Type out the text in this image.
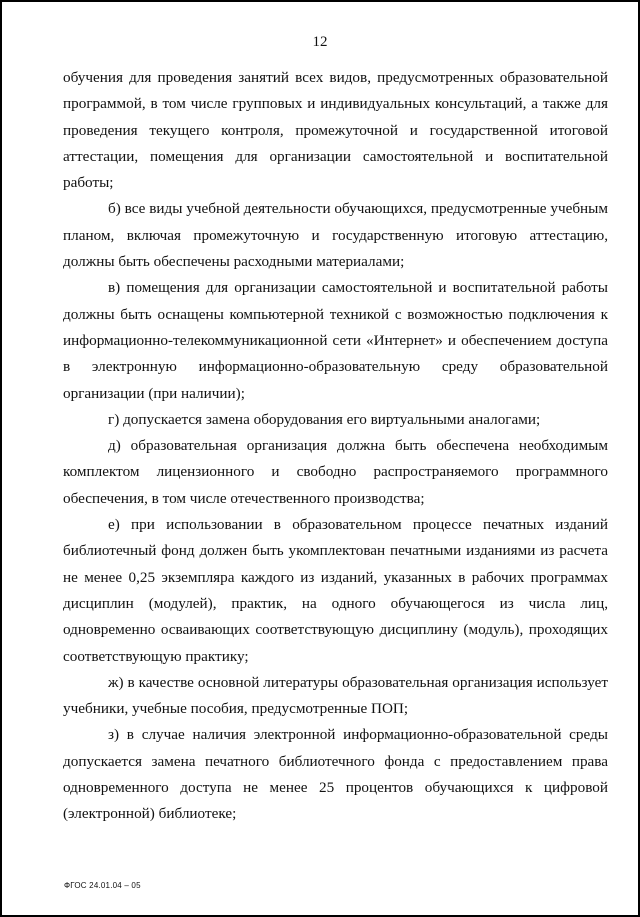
12

обучения для проведения занятий всех видов, предусмотренных образовательной программой, в том числе групповых и индивидуальных консультаций, а также для проведения текущего контроля, промежуточной и государственной итоговой аттестации, помещения для организации самостоятельной и воспитательной работы;

б) все виды учебной деятельности обучающихся, предусмотренные учебным планом, включая промежуточную и государственную итоговую аттестацию, должны быть обеспечены расходными материалами;

в) помещения для организации самостоятельной и воспитательной работы должны быть оснащены компьютерной техникой с возможностью подключения к информационно-телекоммуникационной сети «Интернет» и обеспечением доступа в электронную информационно-образовательную среду образовательной организации (при наличии);

г) допускается замена оборудования его виртуальными аналогами;

д) образовательная организация должна быть обеспечена необходимым комплектом лицензионного и свободно распространяемого программного обеспечения, в том числе отечественного производства;

е) при использовании в образовательном процессе печатных изданий библиотечный фонд должен быть укомплектован печатными изданиями из расчета не менее 0,25 экземпляра каждого из изданий, указанных в рабочих программах дисциплин (модулей), практик, на одного обучающегося из числа лиц, одновременно осваивающих соответствующую дисциплину (модуль), проходящих соответствующую практику;

ж) в качестве основной литературы образовательная организация использует учебники, учебные пособия, предусмотренные ПОП;

з) в случае наличия электронной информационно-образовательной среды допускается замена печатного библиотечного фонда с предоставлением права одновременного доступа не менее 25 процентов обучающихся к цифровой (электронной) библиотеке;

ФГОС 24.01.04 – 05
